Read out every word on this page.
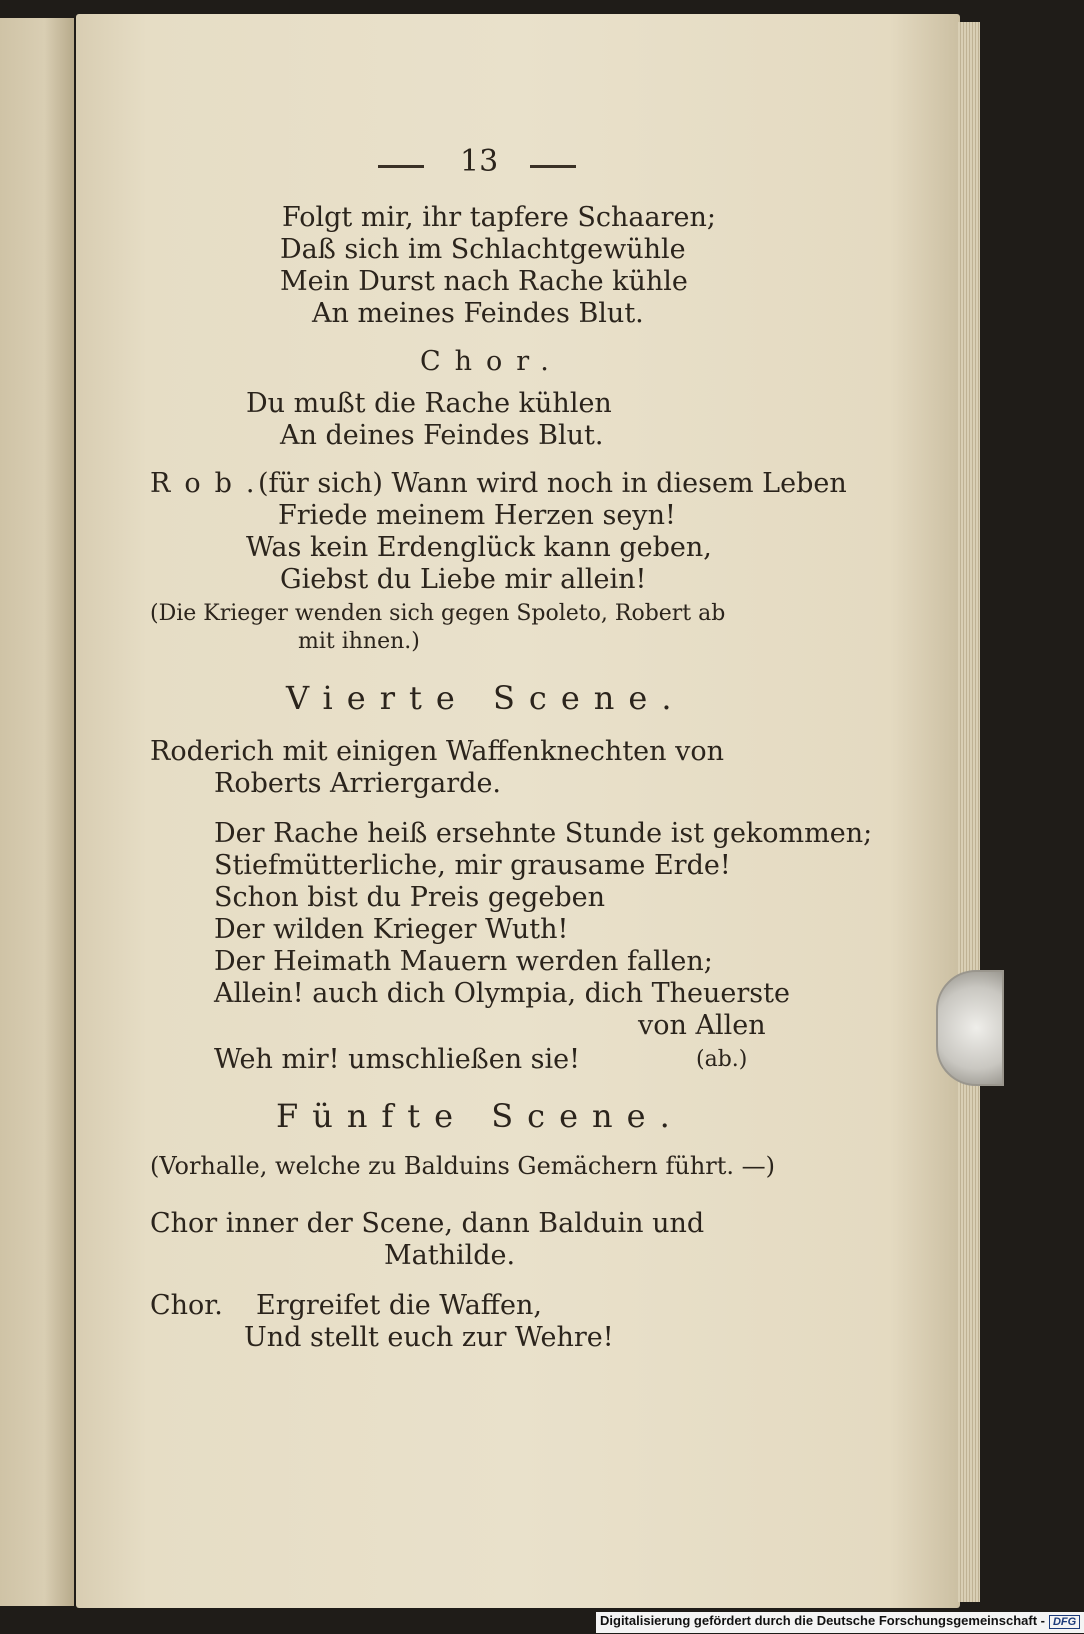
13
Folgt mir, ihr tapfere Schaaren;
Daß sich im Schlachtgewühle
Mein Durst nach Rache kühle
An meines Feindes Blut.
Chor.
Du mußt die Rache kühlen
An deines Feindes Blut.
Rob.
(für sich) Wann wird noch in diesem Leben
Friede meinem Herzen seyn!
Was kein Erdenglück kann geben,
Giebst du Liebe mir allein!
(Die Krieger wenden sich gegen Spoleto, Robert ab
mit ihnen.)
Vierte Scene.
Roderich mit einigen Waffenknechten von
Roberts Arriergarde.
Der Rache heiß ersehnte Stunde ist gekommen;
Stiefmütterliche, mir grausame Erde!
Schon bist du Preis gegeben
Der wilden Krieger Wuth!
Der Heimath Mauern werden fallen;
Allein! auch dich Olympia, dich Theuerste
von Allen
Weh mir! umschließen sie!	(ab.)
Fünfte Scene.
(Vorhalle, welche zu Balduins Gemächern führt. —)
Chor inner der Scene, dann Balduin und
Mathilde.
Chor. Ergreifet die Waffen,
Und stellt euch zur Wehre!
Digitalisierung gefördert durch die Deutsche Forschungsgemeinschaft - DFG
